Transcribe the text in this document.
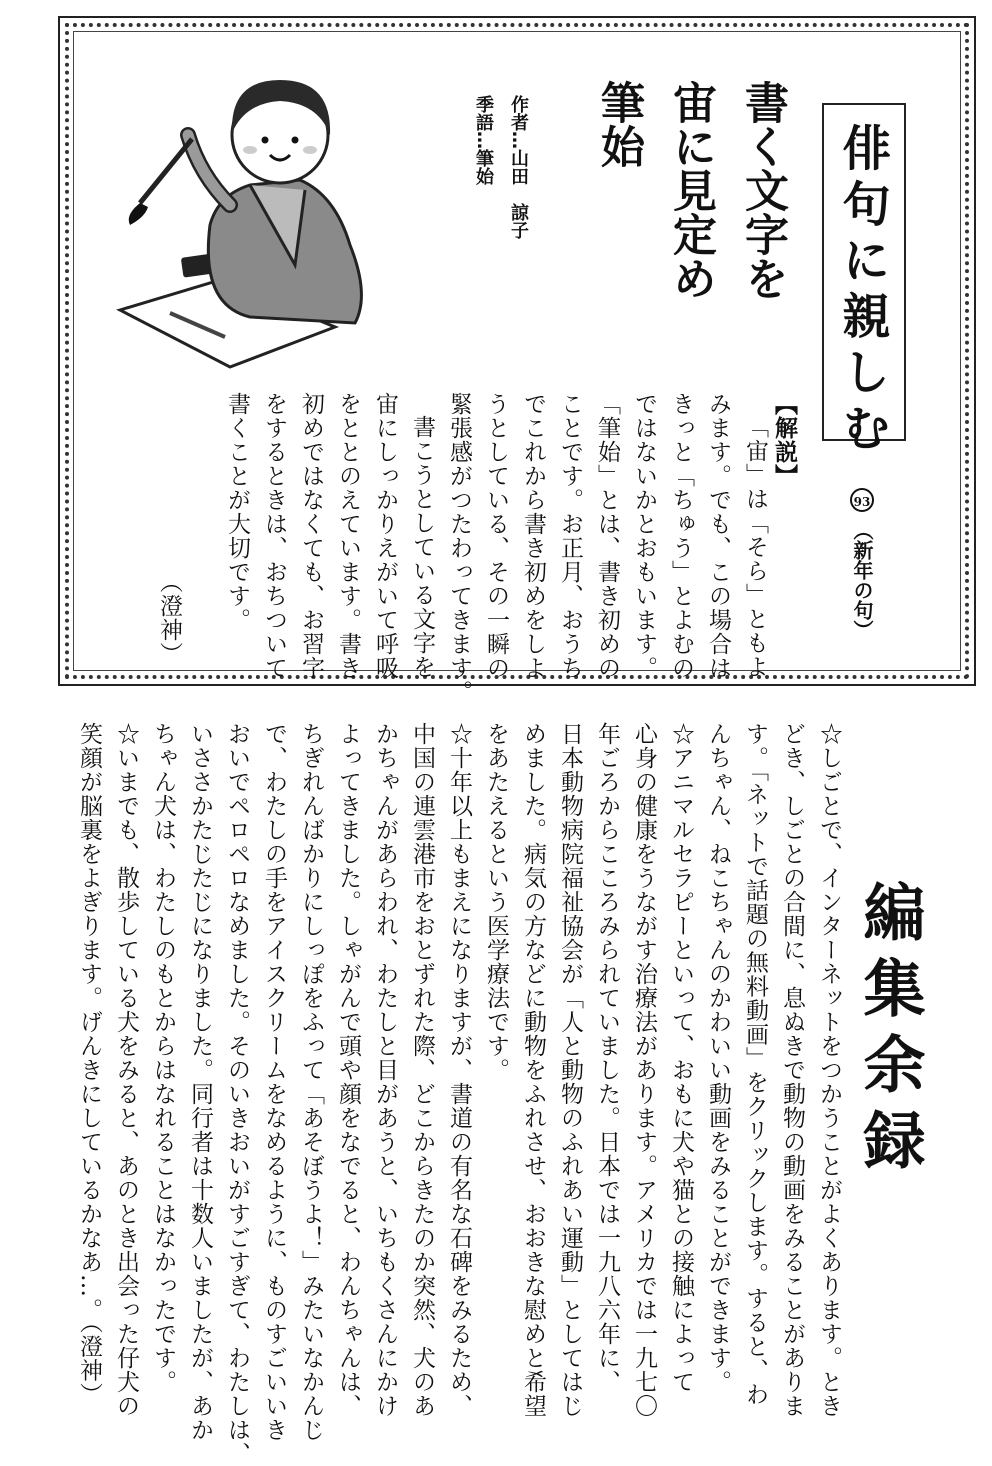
俳句に親しむ
93
（新年の句）
書く文字を
宙に見定め
筆始
作者…山田　諒子
季語…筆始
【解説】
「宙」は「そら」ともよ
みます。でも、この場合は
きっと「ちゅう」とよむの
ではないかとおもいます。
「筆始」とは、書き初めの
ことです。お正月、おうち
でこれから書き初めをしよ
うとしている、その一瞬の
緊張感がつたわってきます。
書こうとしている文字を
宙にしっかりえがいて呼吸
をととのえています。書き
初めではなくても、お習字
をするときは、おちついて
書くことが大切です。
（澄神）
編集余録
☆しごとで、インターネットをつかうことがよくあります。とき
どき、しごとの合間に、息ぬきで動物の動画をみることがありま
す。「ネットで話題の無料動画」をクリックします。すると、わ
んちゃん、ねこちゃんのかわいい動画をみることができます。
☆アニマルセラピーといって、おもに犬や猫との接触によって
心身の健康をうながす治療法があります。アメリカでは一九七〇
年ごろからこころみられていました。日本では一九八六年に、
日本動物病院福祉協会が「人と動物のふれあい運動」としてはじ
めました。病気の方などに動物をふれさせ、おおきな慰めと希望
をあたえるという医学療法です。
☆十年以上もまえになりますが、書道の有名な石碑をみるため、
中国の連雲港市をおとずれた際、どこからきたのか突然、犬のあ
かちゃんがあらわれ、わたしと目があうと、いちもくさんにかけ
よってきました。しゃがんで頭や顔をなでると、わんちゃんは、
ちぎれんばかりにしっぽをふって「あそぼうよ！」みたいなかんじ
で、わたしの手をアイスクリームをなめるように、ものすごいいき
おいでペロペロなめました。そのいきおいがすごすぎて、わたしは、
いささかたじたじになりました。同行者は十数人いましたが、あか
ちゃん犬は、わたしのもとからはなれることはなかったです。
☆いまでも、散歩している犬をみると、あのとき出会った仔犬の
笑顔が脳裏をよぎります。げんきにしているかなあ…。（澄神）
